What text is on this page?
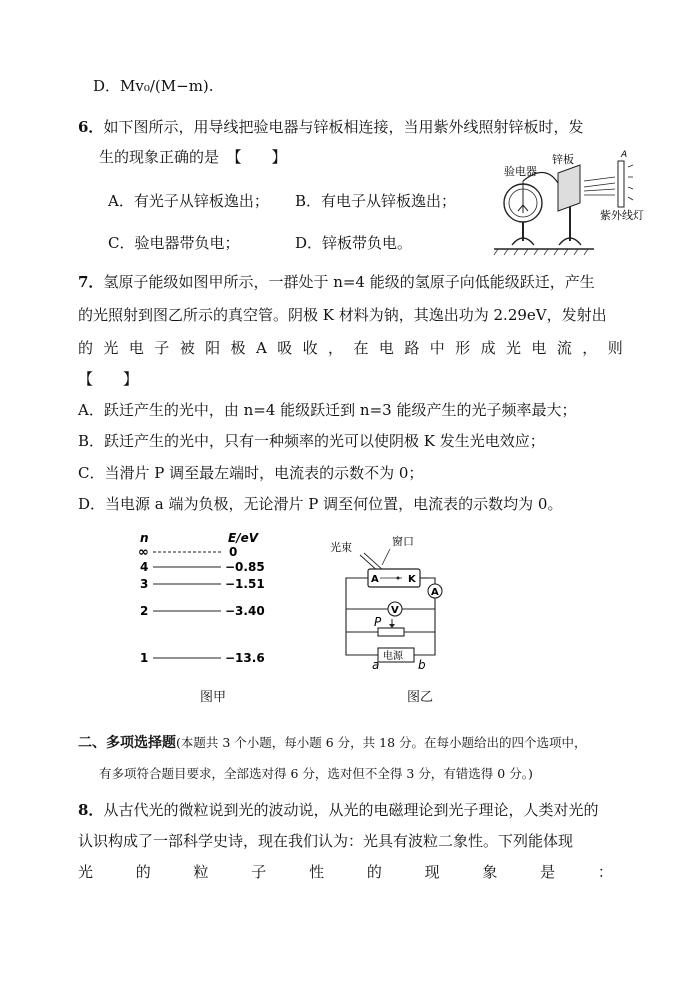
D．Mv₀/(M−m).
6．如下图所示，用导线把验电器与锌板相连接，当用紫外线照射锌板时，发
生的现象正确的是　【　　】
A．有光子从锌板逸出； B．有电子从锌板逸出；
C．验电器带负电；	D．锌板带负电。
验电器
锌板
紫外线灯
A
7．氢原子能级如图甲所示，一群处于 n=4 能级的氢原子向低能级跃迁，产生
的光照射到图乙所示的真空管。阴极 K 材料为钠，其逸出功为 2.29eV，发射出
的 光 电 子 被 阳 极 A 吸 收 ， 在 电 路 中 形 成 光 电 流 ， 则
【　　】
A．跃迁产生的光中，由 n=4 能级跃迁到 n=3 能级产生的光子频率最大；
B．跃迁产生的光中，只有一种频率的光可以使阴极 K 发生光电效应；
C．当滑片 P 调至最左端时，电流表的示数不为 0；
D．当电源 a 端为负极，无论滑片 P 调至何位置，电流表的示数均为 0。
n	E/eV
∞	0
4	−0.85
3	−1.51
2	−3.40
1	−13.6
图甲
光束	窗口
A	K
A
V
P
电源
a	b
图乙
二、多项选择题(本题共 3 个小题，每小题 6 分，共 18 分。在每小题给出的四个选项中，
有多项符合题目要求，全部选对得 6 分，选对但不全得 3 分，有错选得 0 分。)
8．从古代光的微粒说到光的波动说，从光的电磁理论到光子理论，人类对光的
认识构成了一部科学史诗，现在我们认为：光具有波粒二象性。下列能体现
光	的	粒	子	性	的	现	象	是	：
